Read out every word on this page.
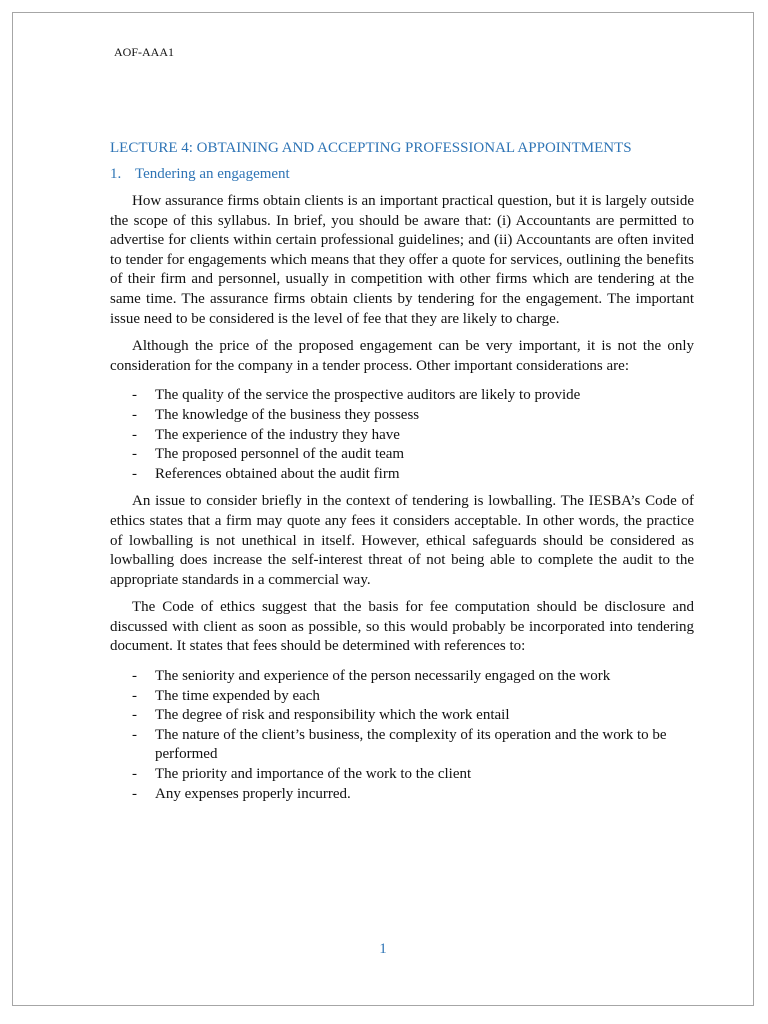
AOF-AAA1
LECTURE 4: OBTAINING AND ACCEPTING PROFESSIONAL APPOINTMENTS
1. Tendering an engagement

How assurance firms obtain clients is an important practical question, but it is largely outside the scope of this syllabus. In brief, you should be aware that: (i) Accountants are permitted to advertise for clients within certain professional guidelines; and (ii) Accountants are often invited to tender for engagements which means that they offer a quote for services, outlining the benefits of their firm and personnel, usually in competition with other firms which are tendering at the same time. The assurance firms obtain clients by tendering for the engagement. The important issue need to be considered is the level of fee that they are likely to charge.

Although the price of the proposed engagement can be very important, it is not the only consideration for the company in a tender process. Other important considerations are:

- The quality of the service the prospective auditors are likely to provide
- The knowledge of the business they possess
- The experience of the industry they have
- The proposed personnel of the audit team
- References obtained about the audit firm

An issue to consider briefly in the context of tendering is lowballing. The IESBA’s Code of ethics states that a firm may quote any fees it considers acceptable. In other words, the practice of lowballing is not unethical in itself. However, ethical safeguards should be considered as lowballing does increase the self-interest threat of not being able to complete the audit to the appropriate standards in a commercial way.

The Code of ethics suggest that the basis for fee computation should be disclosure and discussed with client as soon as possible, so this would probably be incorporated into tendering document. It states that fees should be determined with references to:

- The seniority and experience of the person necessarily engaged on the work
- The time expended by each
- The degree of risk and responsibility which the work entail
- The nature of the client’s business, the complexity of its operation and the work to be performed
- The priority and importance of the work to the client
- Any expenses properly incurred.
1
